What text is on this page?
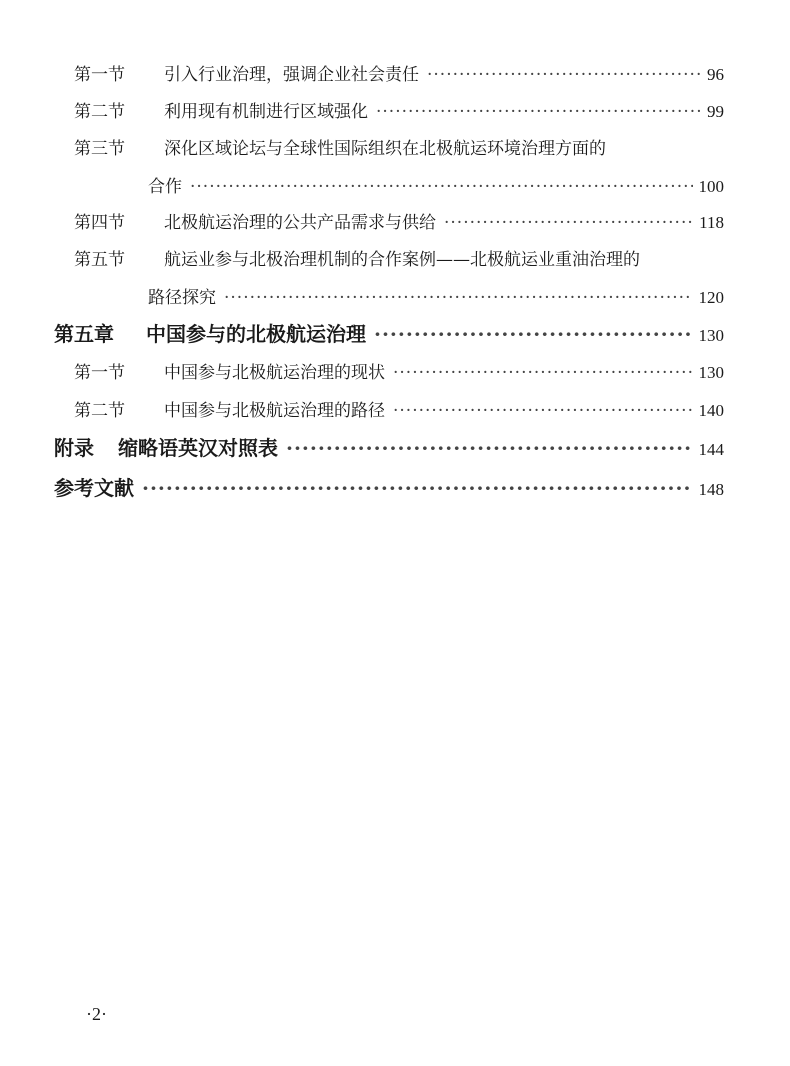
第一节	引入行业治理，强调企业社会责任 ·····	96
第二节	利用现有机制进行区域强化 ·····	99
第三节	深化区域论坛与全球性国际组织在北极航运环境治理方面的
合作 ·····	100
第四节	北极航运治理的公共产品需求与供给 ·····	118
第五节	航运业参与北极治理机制的合作案例——北极航运业重油治理的
路径探究 ·····	120
第五章	中国参与的北极航运治理 ·····	130
第一节	中国参与北极航运治理的现状 ·····	130
第二节	中国参与北极航运治理的路径 ·····	140
附录	缩略语英汉对照表 ·····	144
参考文献 ·····	148
·2·
